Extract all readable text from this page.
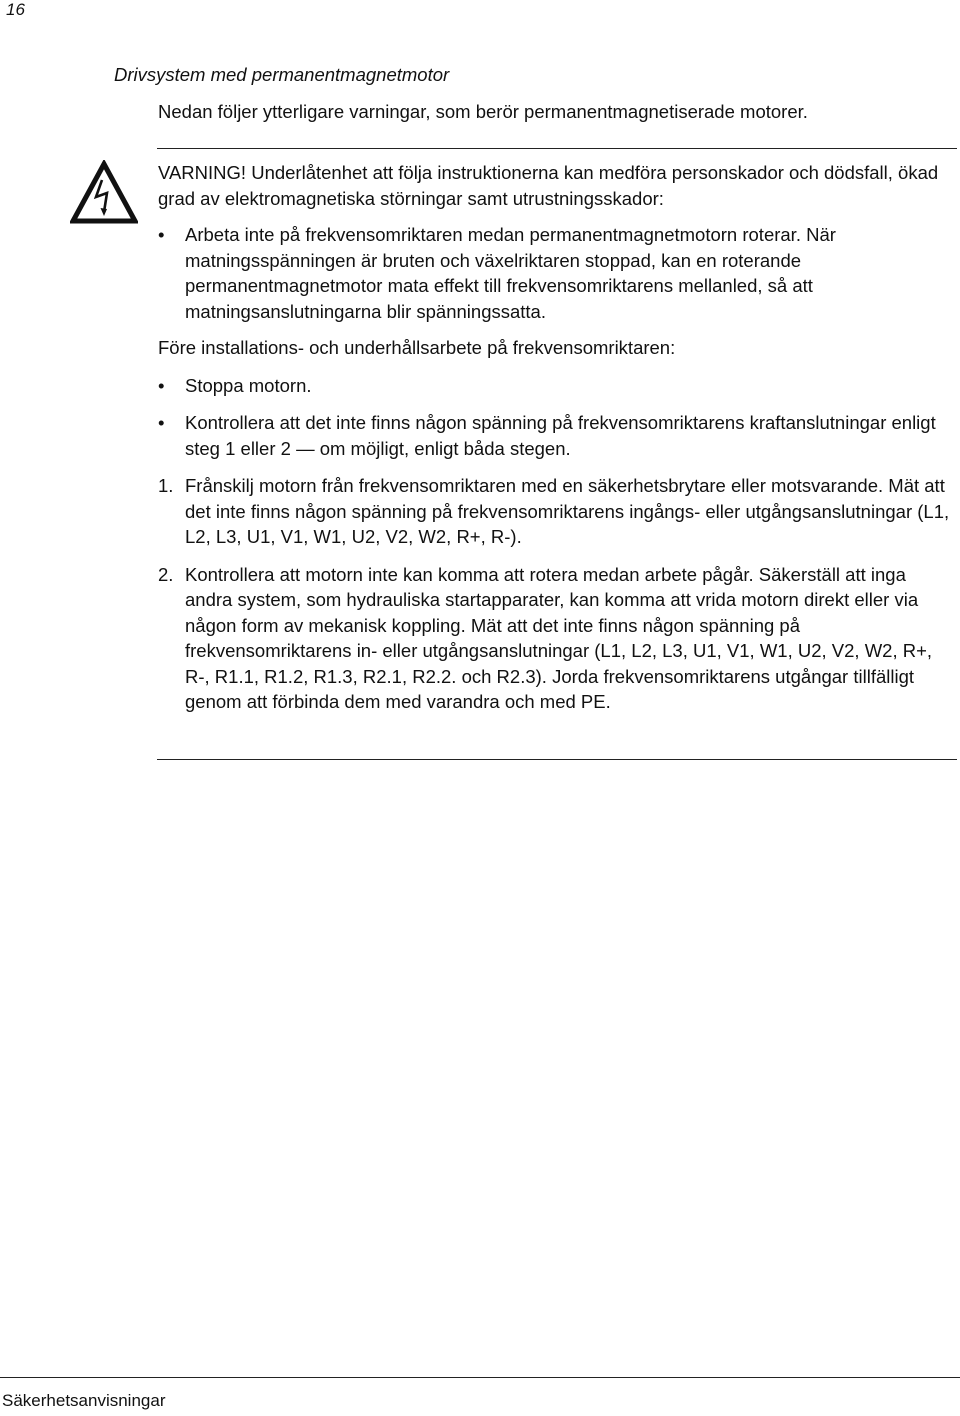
16
Drivsystem med permanentmagnetmotor
Nedan följer ytterligare varningar, som berör permanentmagnetiserade motorer.

VARNING! Underlåtenhet att följa instruktionerna kan medföra personskador och dödsfall, ökad grad av elektromagnetiska störningar samt utrustningsskador:

• Arbeta inte på frekvensomriktaren medan permanentmagnetmotorn roterar. När matningsspänningen är bruten och växelriktaren stoppad, kan en roterande permanentmagnetmotor mata effekt till frekvensomriktarens mellanled, så att matningsanslutningarna blir spänningssatta.

Före installations- och underhållsarbete på frekvensomriktaren:

• Stoppa motorn.

• Kontrollera att det inte finns någon spänning på frekvensomriktarens kraftanslutningar enligt steg 1 eller 2 — om möjligt, enligt båda stegen.

1. Frånskilj motorn från frekvensomriktaren med en säkerhetsbrytare eller motsvarande. Mät att det inte finns någon spänning på frekvensomriktarens ingångs- eller utgångsanslutningar (L1, L2, L3, U1, V1, W1, U2, V2, W2, R+, R-).

2. Kontrollera att motorn inte kan komma att rotera medan arbete pågår. Säkerställ att inga andra system, som hydrauliska startapparater, kan komma att vrida motorn direkt eller via någon form av mekanisk koppling. Mät att det inte finns någon spänning på frekvensomriktarens in- eller utgångsanslutningar (L1, L2, L3, U1, V1, W1, U2, V2, W2, R+, R-, R1.1, R1.2, R1.3, R2.1, R2.2. och R2.3). Jorda frekvensomriktarens utgångar tillfälligt genom att förbinda dem med varandra och med PE.

Säkerhetsanvisningar
